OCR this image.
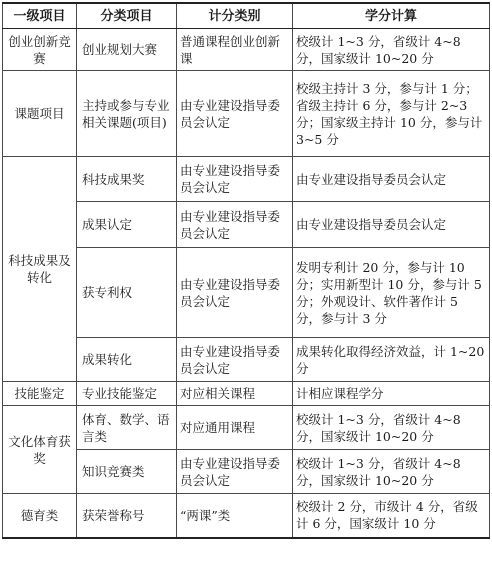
一级项目	分类项目	计分类别	学分计算
创业创新竞赛	创业规划大赛	普通课程创业创新课	校级计 1~3 分，省级计 4~8 分，国家级计 10~20 分
课题项目	主持或参与专业相关课题(项目)	由专业建设指导委员会认定	校级主持计 3 分，参与计 1 分；省级主持计 6 分，参与计 2~3 分；国家级主持计 10 分，参与计 3~5 分
科技成果及转化	科技成果奖	由专业建设指导委员会认定	由专业建设指导委员会认定
	成果认定	由专业建设指导委员会认定	由专业建设指导委员会认定
	获专利权	由专业建设指导委员会认定	发明专利计 20 分，参与计 10 分；实用新型计 10 分，参与计 5 分；外观设计、软件著作计 5 分，参与计 3 分
	成果转化	由专业建设指导委员会认定	成果转化取得经济效益，计 1~20 分
技能鉴定	专业技能鉴定	对应相关课程	计相应课程学分
文化体育获奖	体育、数学、语言类	对应通用课程	校级计 1~3 分，省级计 4~8 分，国家级计 10~20 分
	知识竞赛类	由专业建设指导委员会认定	校级计 1~3 分，省级计 4~8 分，国家级计 10~20 分
德育类	获荣誉称号	“两课”类	校级计 2 分，市级计 4 分，省级计 6 分，国家级计 10 分
